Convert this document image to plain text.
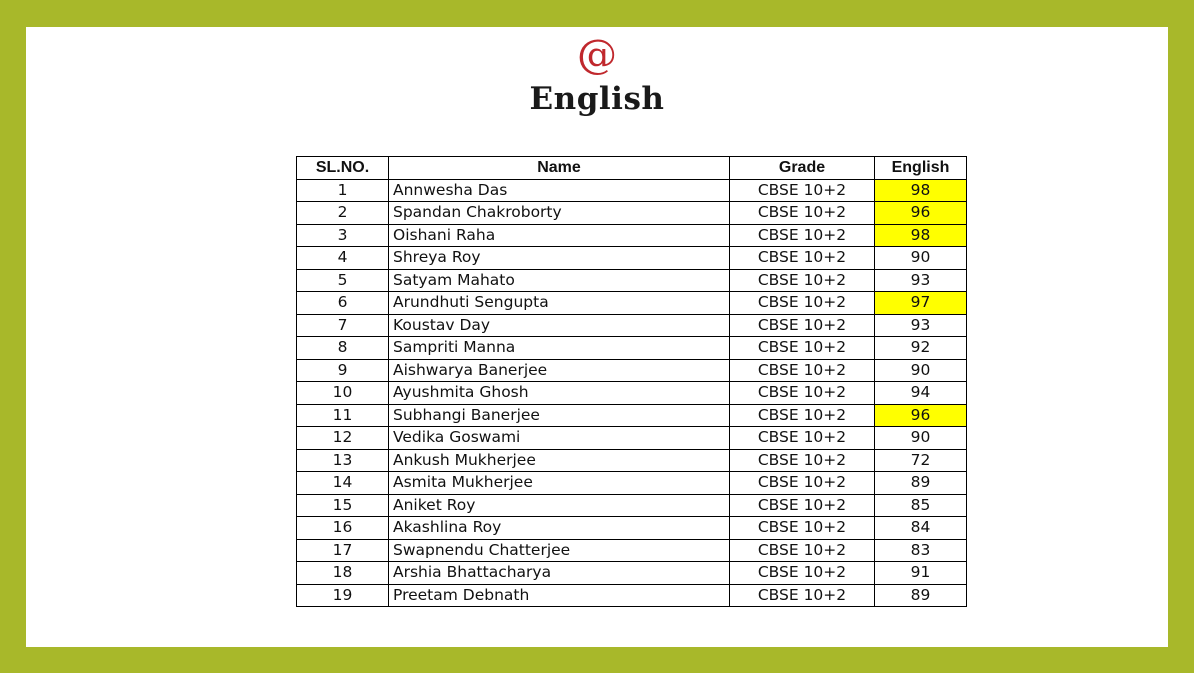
@
English
SL.NO.	Name	Grade	English
1	Annwesha Das	CBSE 10+2	98
2	Spandan Chakroborty	CBSE 10+2	96
3	Oishani Raha	CBSE 10+2	98
4	Shreya Roy	CBSE 10+2	90
5	Satyam Mahato	CBSE 10+2	93
6	Arundhuti Sengupta	CBSE 10+2	97
7	Koustav Day	CBSE 10+2	93
8	Sampriti Manna	CBSE 10+2	92
9	Aishwarya Banerjee	CBSE 10+2	90
10	Ayushmita Ghosh	CBSE 10+2	94
11	Subhangi Banerjee	CBSE 10+2	96
12	Vedika Goswami	CBSE 10+2	90
13	Ankush Mukherjee	CBSE 10+2	72
14	Asmita Mukherjee	CBSE 10+2	89
15	Aniket Roy	CBSE 10+2	85
16	Akashlina Roy	CBSE 10+2	84
17	Swapnendu Chatterjee	CBSE 10+2	83
18	Arshia Bhattacharya	CBSE 10+2	91
19	Preetam Debnath	CBSE 10+2	89
